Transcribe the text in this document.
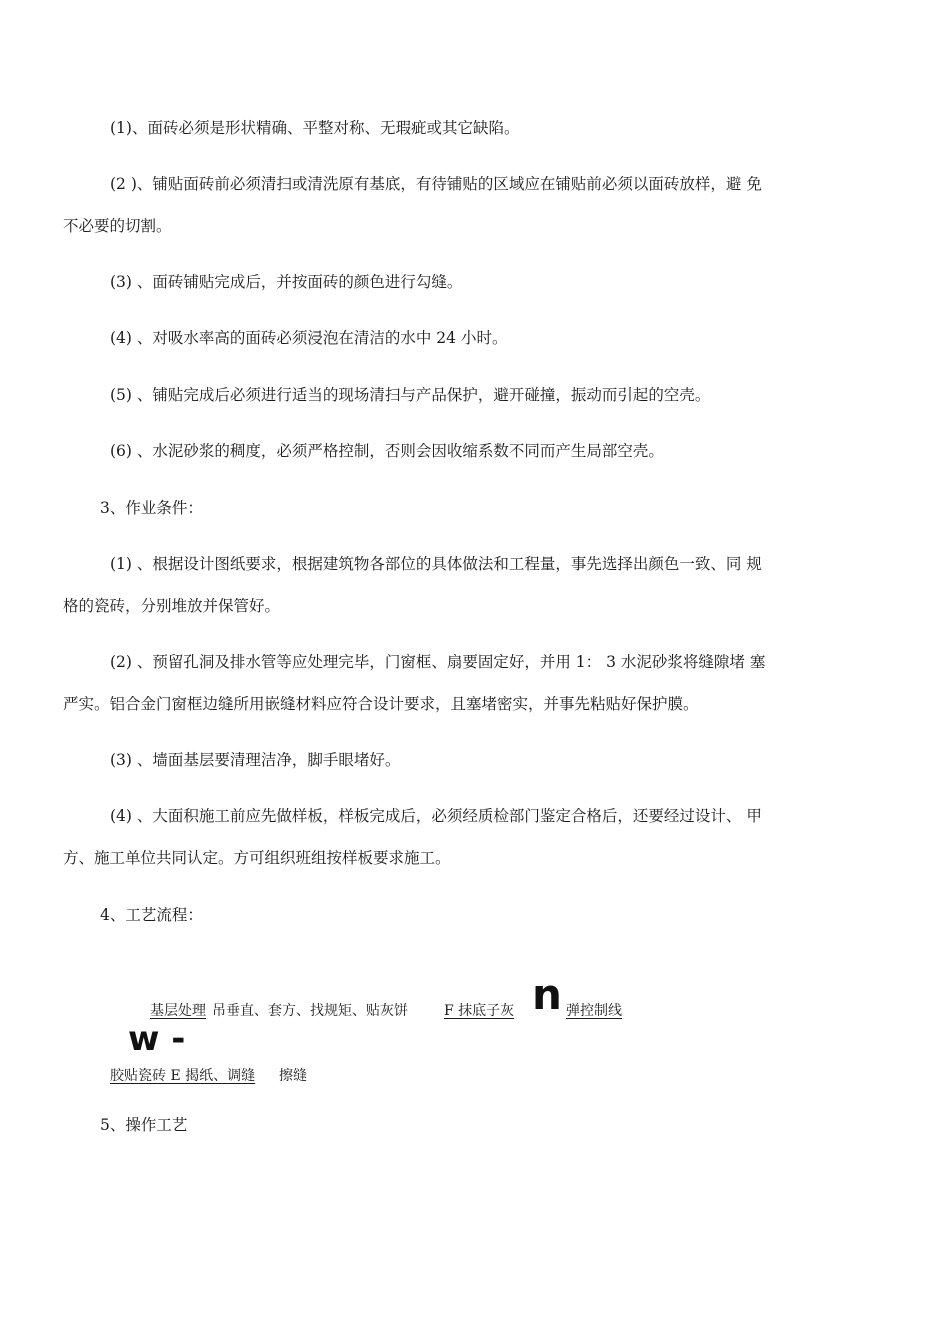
(1)、面砖必须是形状精确、平整对称、无瑕疵或其它缺陷。

(2 )、铺贴面砖前必须清扫或清洗原有基底，有待铺贴的区域应在铺贴前必须以面砖放样，避 免

不必要的切割。

(3) 、面砖铺贴完成后，并按面砖的颜色进行勾缝。

(4) 、对吸水率高的面砖必须浸泡在清洁的水中 24 小时。

(5) 、铺贴完成后必须进行适当的现场清扫与产品保护，避开碰撞，振动而引起的空壳。

(6) 、水泥砂浆的稠度，必须严格控制，否则会因收缩系数不同而产生局部空壳。

3、作业条件：

(1) 、根据设计图纸要求，根据建筑物各部位的具体做法和工程量，事先选择出颜色一致、同 规

格的瓷砖，分别堆放并保管好。

(2) 、预留孔洞及排水管等应处理完毕，门窗框、扇要固定好，并用 1： 3 水泥砂浆将缝隙堵 塞

严实。铝合金门窗框边缝所用嵌缝材料应符合设计要求，且塞堵密实，并事先粘贴好保护膜。

(3) 、墙面基层要清理洁净，脚手眼堵好。

(4) 、大面积施工前应先做样板，样板完成后，必须经质检部门鉴定合格后，还要经过设计、 甲

方、施工单位共同认定。方可组织班组按样板要求施工。

4、工艺流程：

基层处理 吊垂直、套方、找规矩、贴灰饼	F 抹底子灰 n 弹控制线
w -
胶贴瓷砖 E 揭纸、调缝 擦缝

5、操作工艺
